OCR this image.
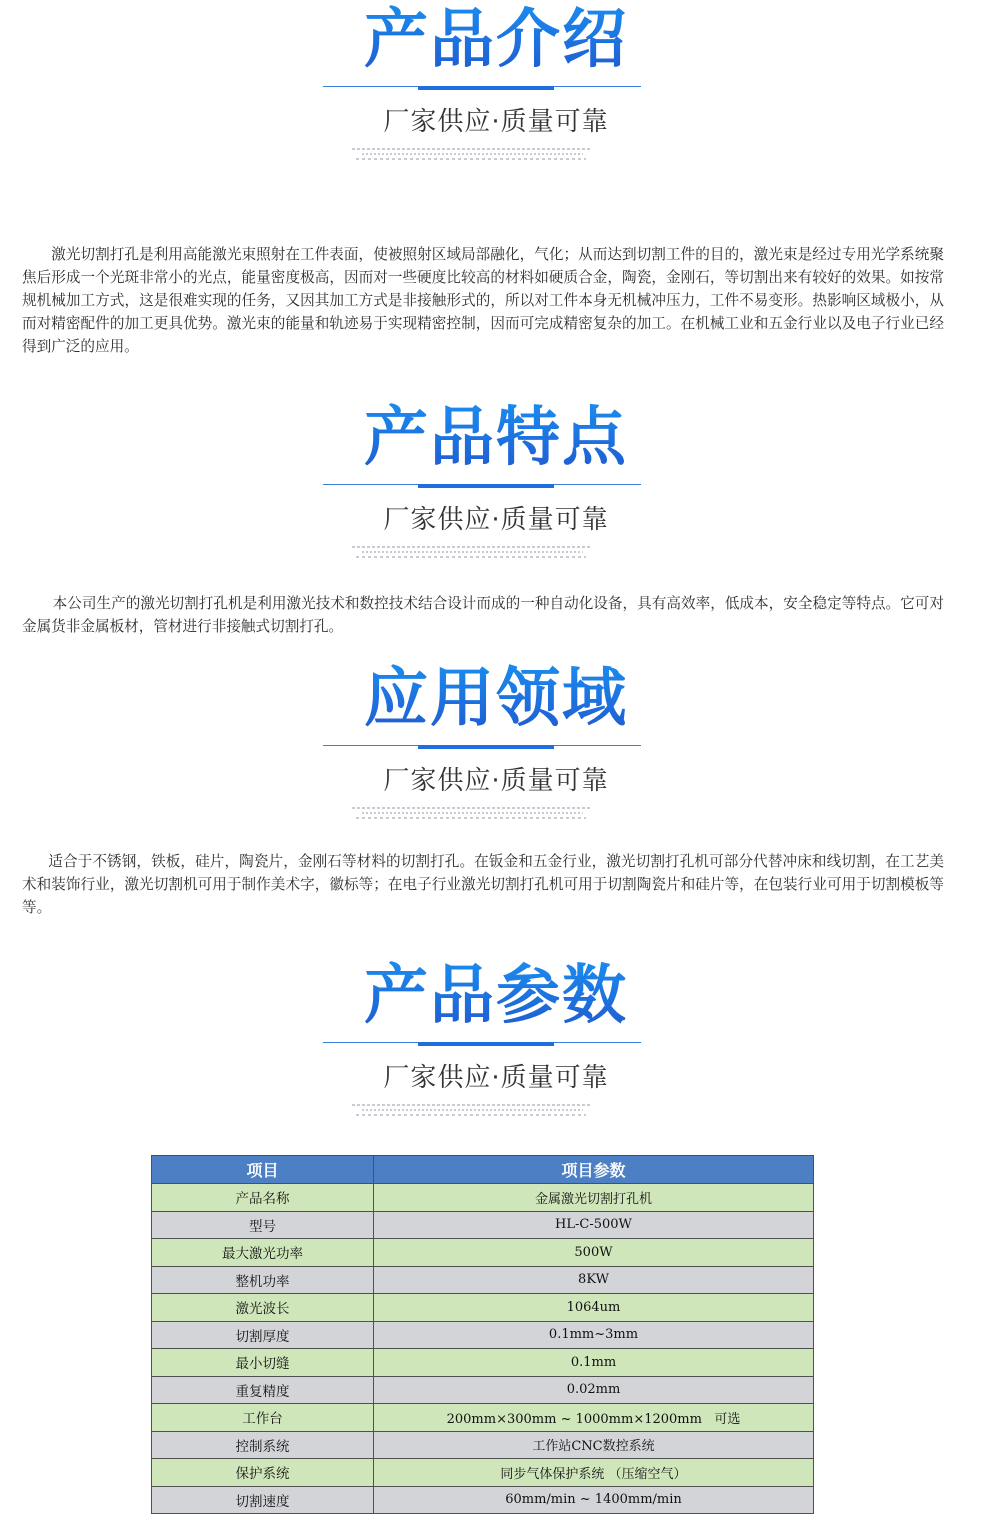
产品介绍
厂家供应·质量可靠

激光切割打孔是利用高能激光束照射在工件表面，使被照射区域局部融化，气化；从而达到切割工件的目的，激光束是经过专用光学系统聚焦后形成一个光斑非常小的光点，能量密度极高，因而对一些硬度比较高的材料如硬质合金，陶瓷，金刚石，等切割出来有较好的效果。如按常规机械加工方式，这是很难实现的任务，又因其加工方式是非接触形式的，所以对工件本身无机械冲压力，工件不易变形。热影响区域极小，从而对精密配件的加工更具优势。激光束的能量和轨迹易于实现精密控制，因而可完成精密复杂的加工。在机械工业和五金行业以及电子行业已经得到广泛的应用。

产品特点
厂家供应·质量可靠

本公司生产的激光切割打孔机是利用激光技术和数控技术结合设计而成的一种自动化设备，具有高效率，低成本，安全稳定等特点。它可对金属货非金属板材，管材进行非接触式切割打孔。

应用领域
厂家供应·质量可靠

适合于不锈钢，铁板，硅片，陶瓷片，金刚石等材料的切割打孔。在钣金和五金行业，激光切割打孔机可部分代替冲床和线切割，在工艺美术和装饰行业，激光切割机可用于制作美术字，徽标等；在电子行业激光切割打孔机可用于切割陶瓷片和硅片等，在包装行业可用于切割模板等等。

产品参数
厂家供应·质量可靠
项目	项目参数
产品名称	金属激光切割打孔机
型号	HL-C-500W
最大激光功率	500W
整机功率	8KW
激光波长	1064um
切割厚度	0.1mm~3mm
最小切缝	0.1mm
重复精度	0.02mm
工作台	200mm×300mm ~ 1000mm×1200mm   可选
控制系统	工作站CNC数控系统
保护系统	同步气体保护系统 （压缩空气）
切割速度	60mm/min ~ 1400mm/min
